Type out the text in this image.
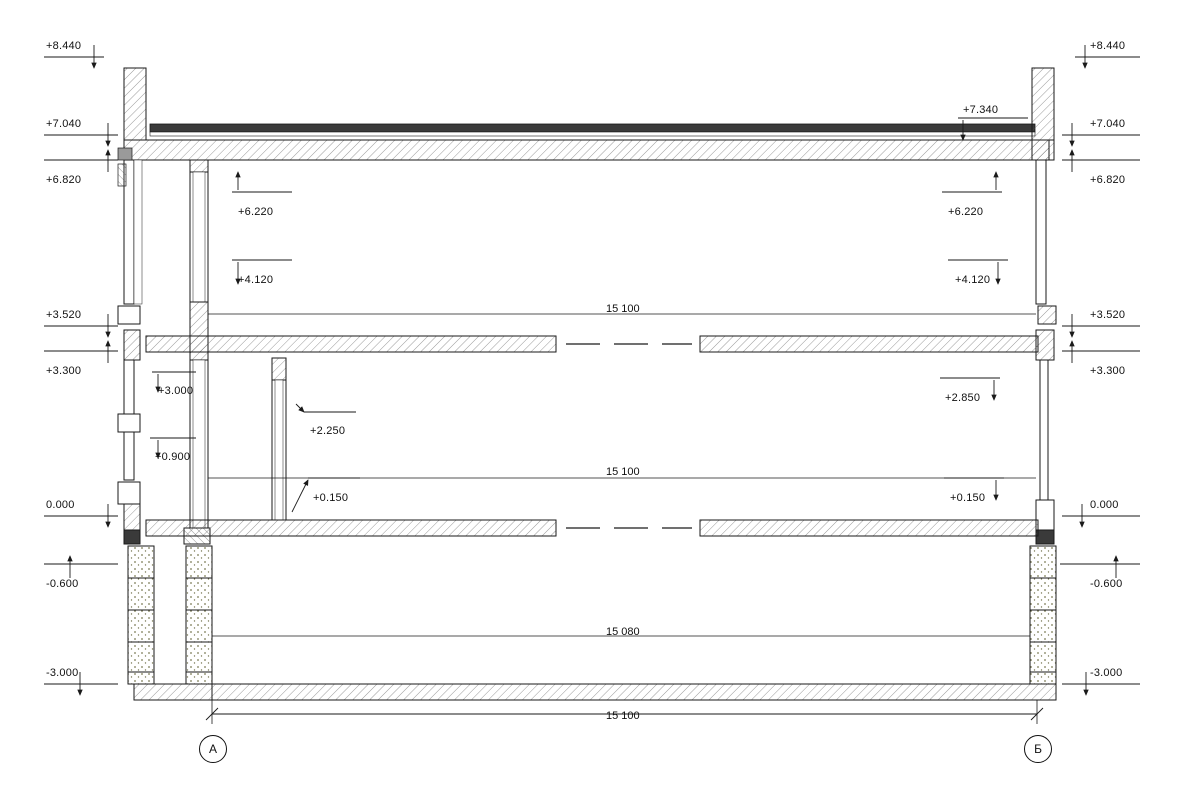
+8.440
+7.040
+6.820
+3.520
+3.300
0.000
-0.600
-3.000
+8.440
+7.040
+6.820
+3.520
+3.300
0.000
-0.600
-3.000
+7.340
+6.220	+6.220
+4.120	+4.120
+3.000
+2.850
+2.250
+0.900
+0.150	+0.150
15 100
15 100
15 080
15 100
А	Б
